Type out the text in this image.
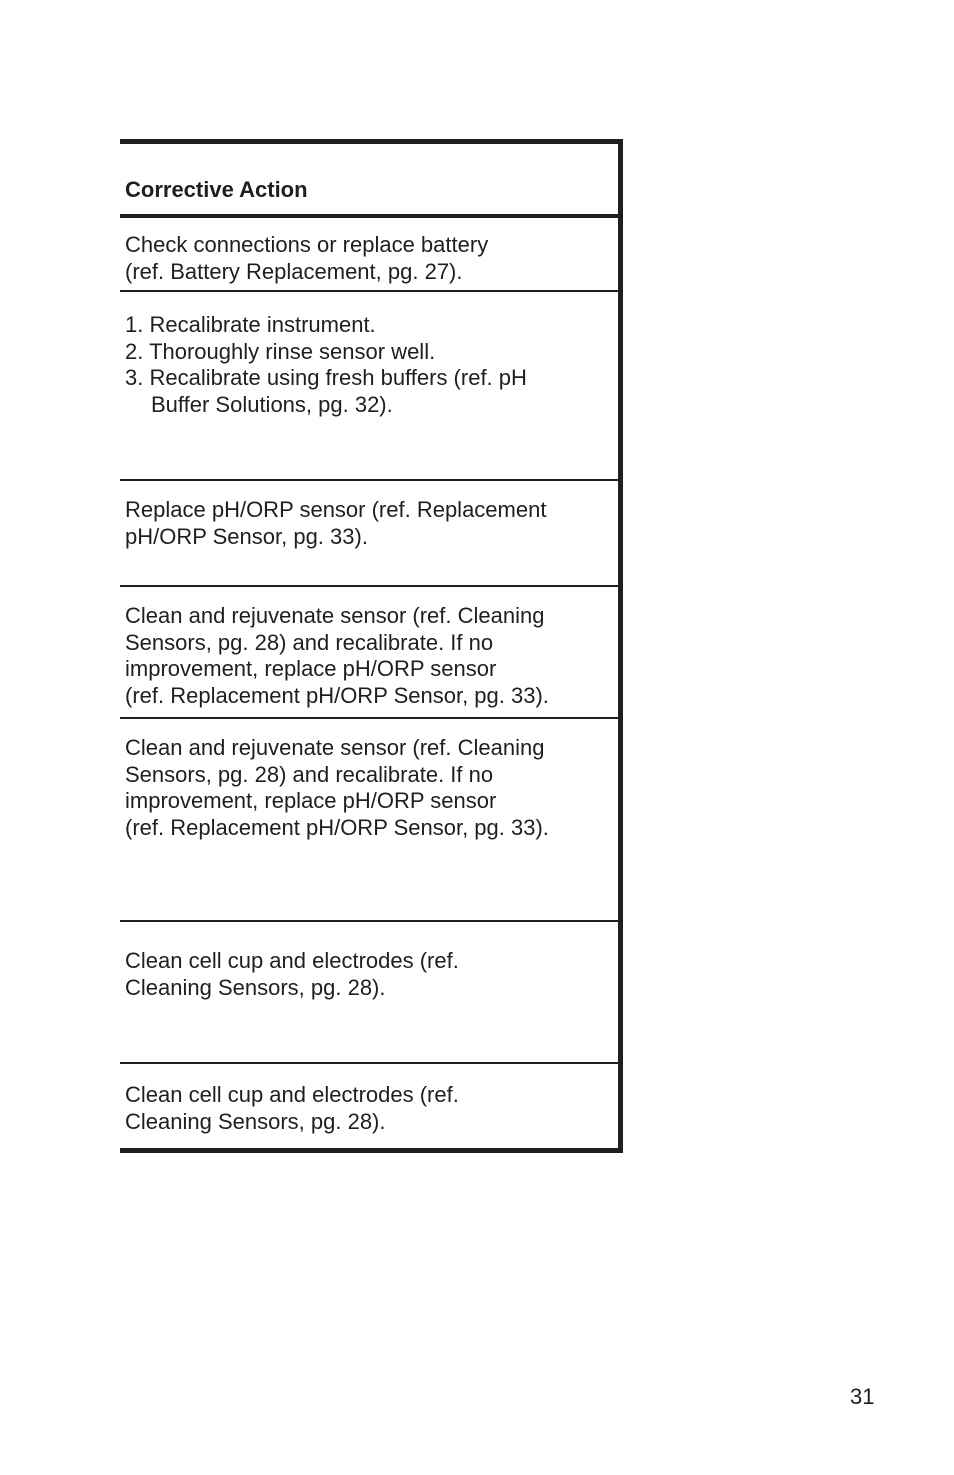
Corrective Action
Check connections or replace battery
(ref. Battery Replacement, pg. 27).
1. Recalibrate instrument.
2. Thoroughly rinse sensor well.
3. Recalibrate using fresh buffers (ref. pH
Buffer Solutions, pg. 32).
Replace pH/ORP sensor (ref. Replacement
pH/ORP Sensor, pg. 33).
Clean and rejuvenate sensor (ref. Cleaning
Sensors, pg. 28) and recalibrate. If no
improvement, replace pH/ORP sensor
(ref. Replacement pH/ORP Sensor, pg. 33).
Clean and rejuvenate sensor (ref. Cleaning
Sensors, pg. 28) and recalibrate. If no
improvement, replace pH/ORP sensor
(ref. Replacement pH/ORP Sensor, pg. 33).
Clean cell cup and electrodes (ref.
Cleaning Sensors, pg. 28).
Clean cell cup and electrodes (ref.
Cleaning Sensors, pg. 28).
31
